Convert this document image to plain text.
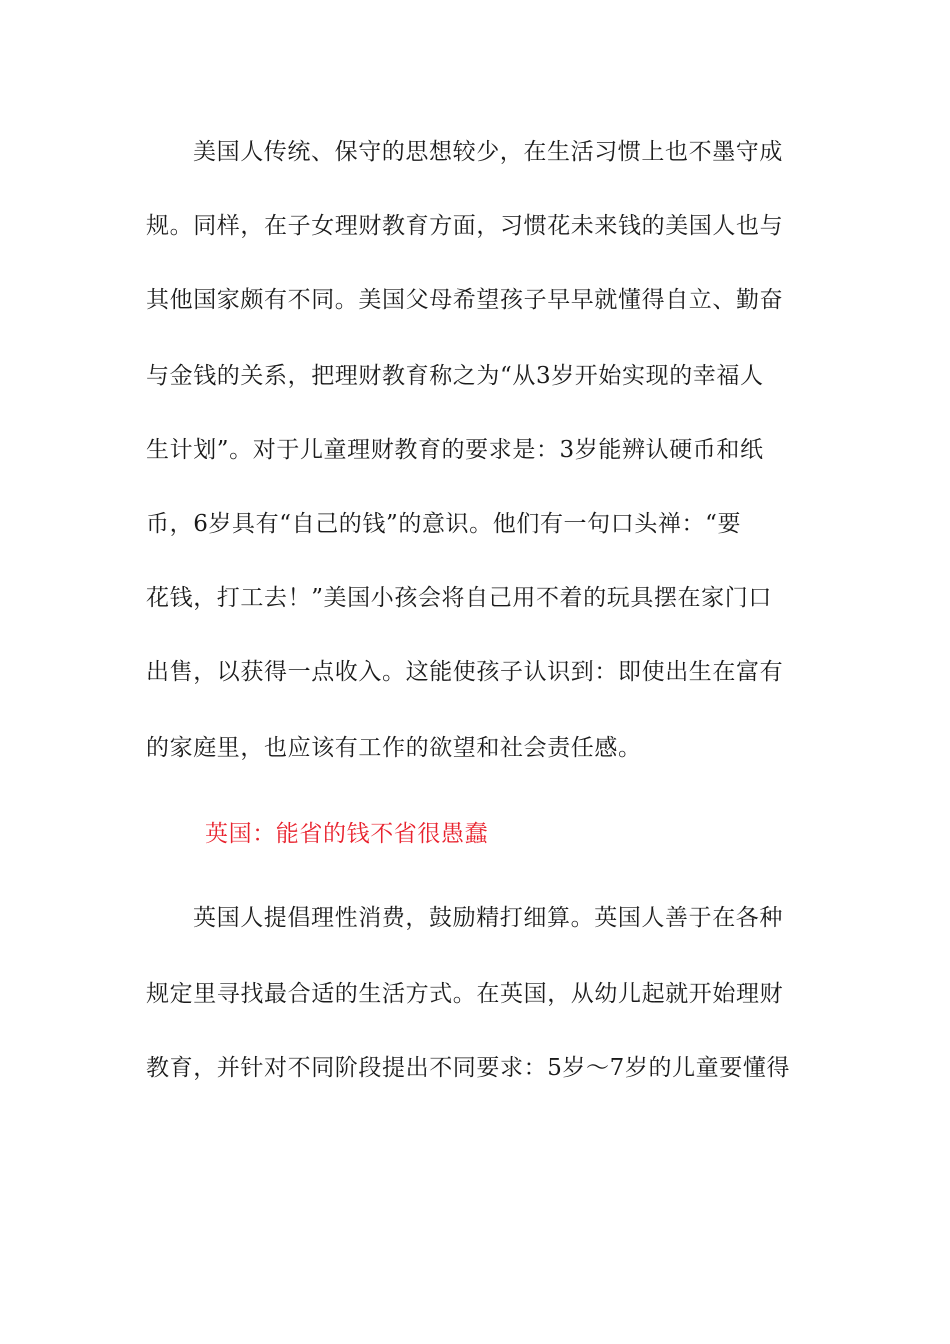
美国人传统、保守的思想较少，在生活习惯上也不墨守成
规。同样，在子女理财教育方面，习惯花未来钱的美国人也与
其他国家颇有不同。美国父母希望孩子早早就懂得自立、勤奋
与金钱的关系，把理财教育称之为“从3岁开始实现的幸福人
生计划”。对于儿童理财教育的要求是：3岁能辨认硬币和纸
币，6岁具有“自己的钱”的意识。他们有一句口头禅：“要
花钱，打工去！”美国小孩会将自己用不着的玩具摆在家门口
出售，以获得一点收入。这能使孩子认识到：即使出生在富有
的家庭里，也应该有工作的欲望和社会责任感。
英国：能省的钱不省很愚蠢
英国人提倡理性消费，鼓励精打细算。英国人善于在各种
规定里寻找最合适的生活方式。在英国，从幼儿起就开始理财
教育，并针对不同阶段提出不同要求：5岁～7岁的儿童要懂得
